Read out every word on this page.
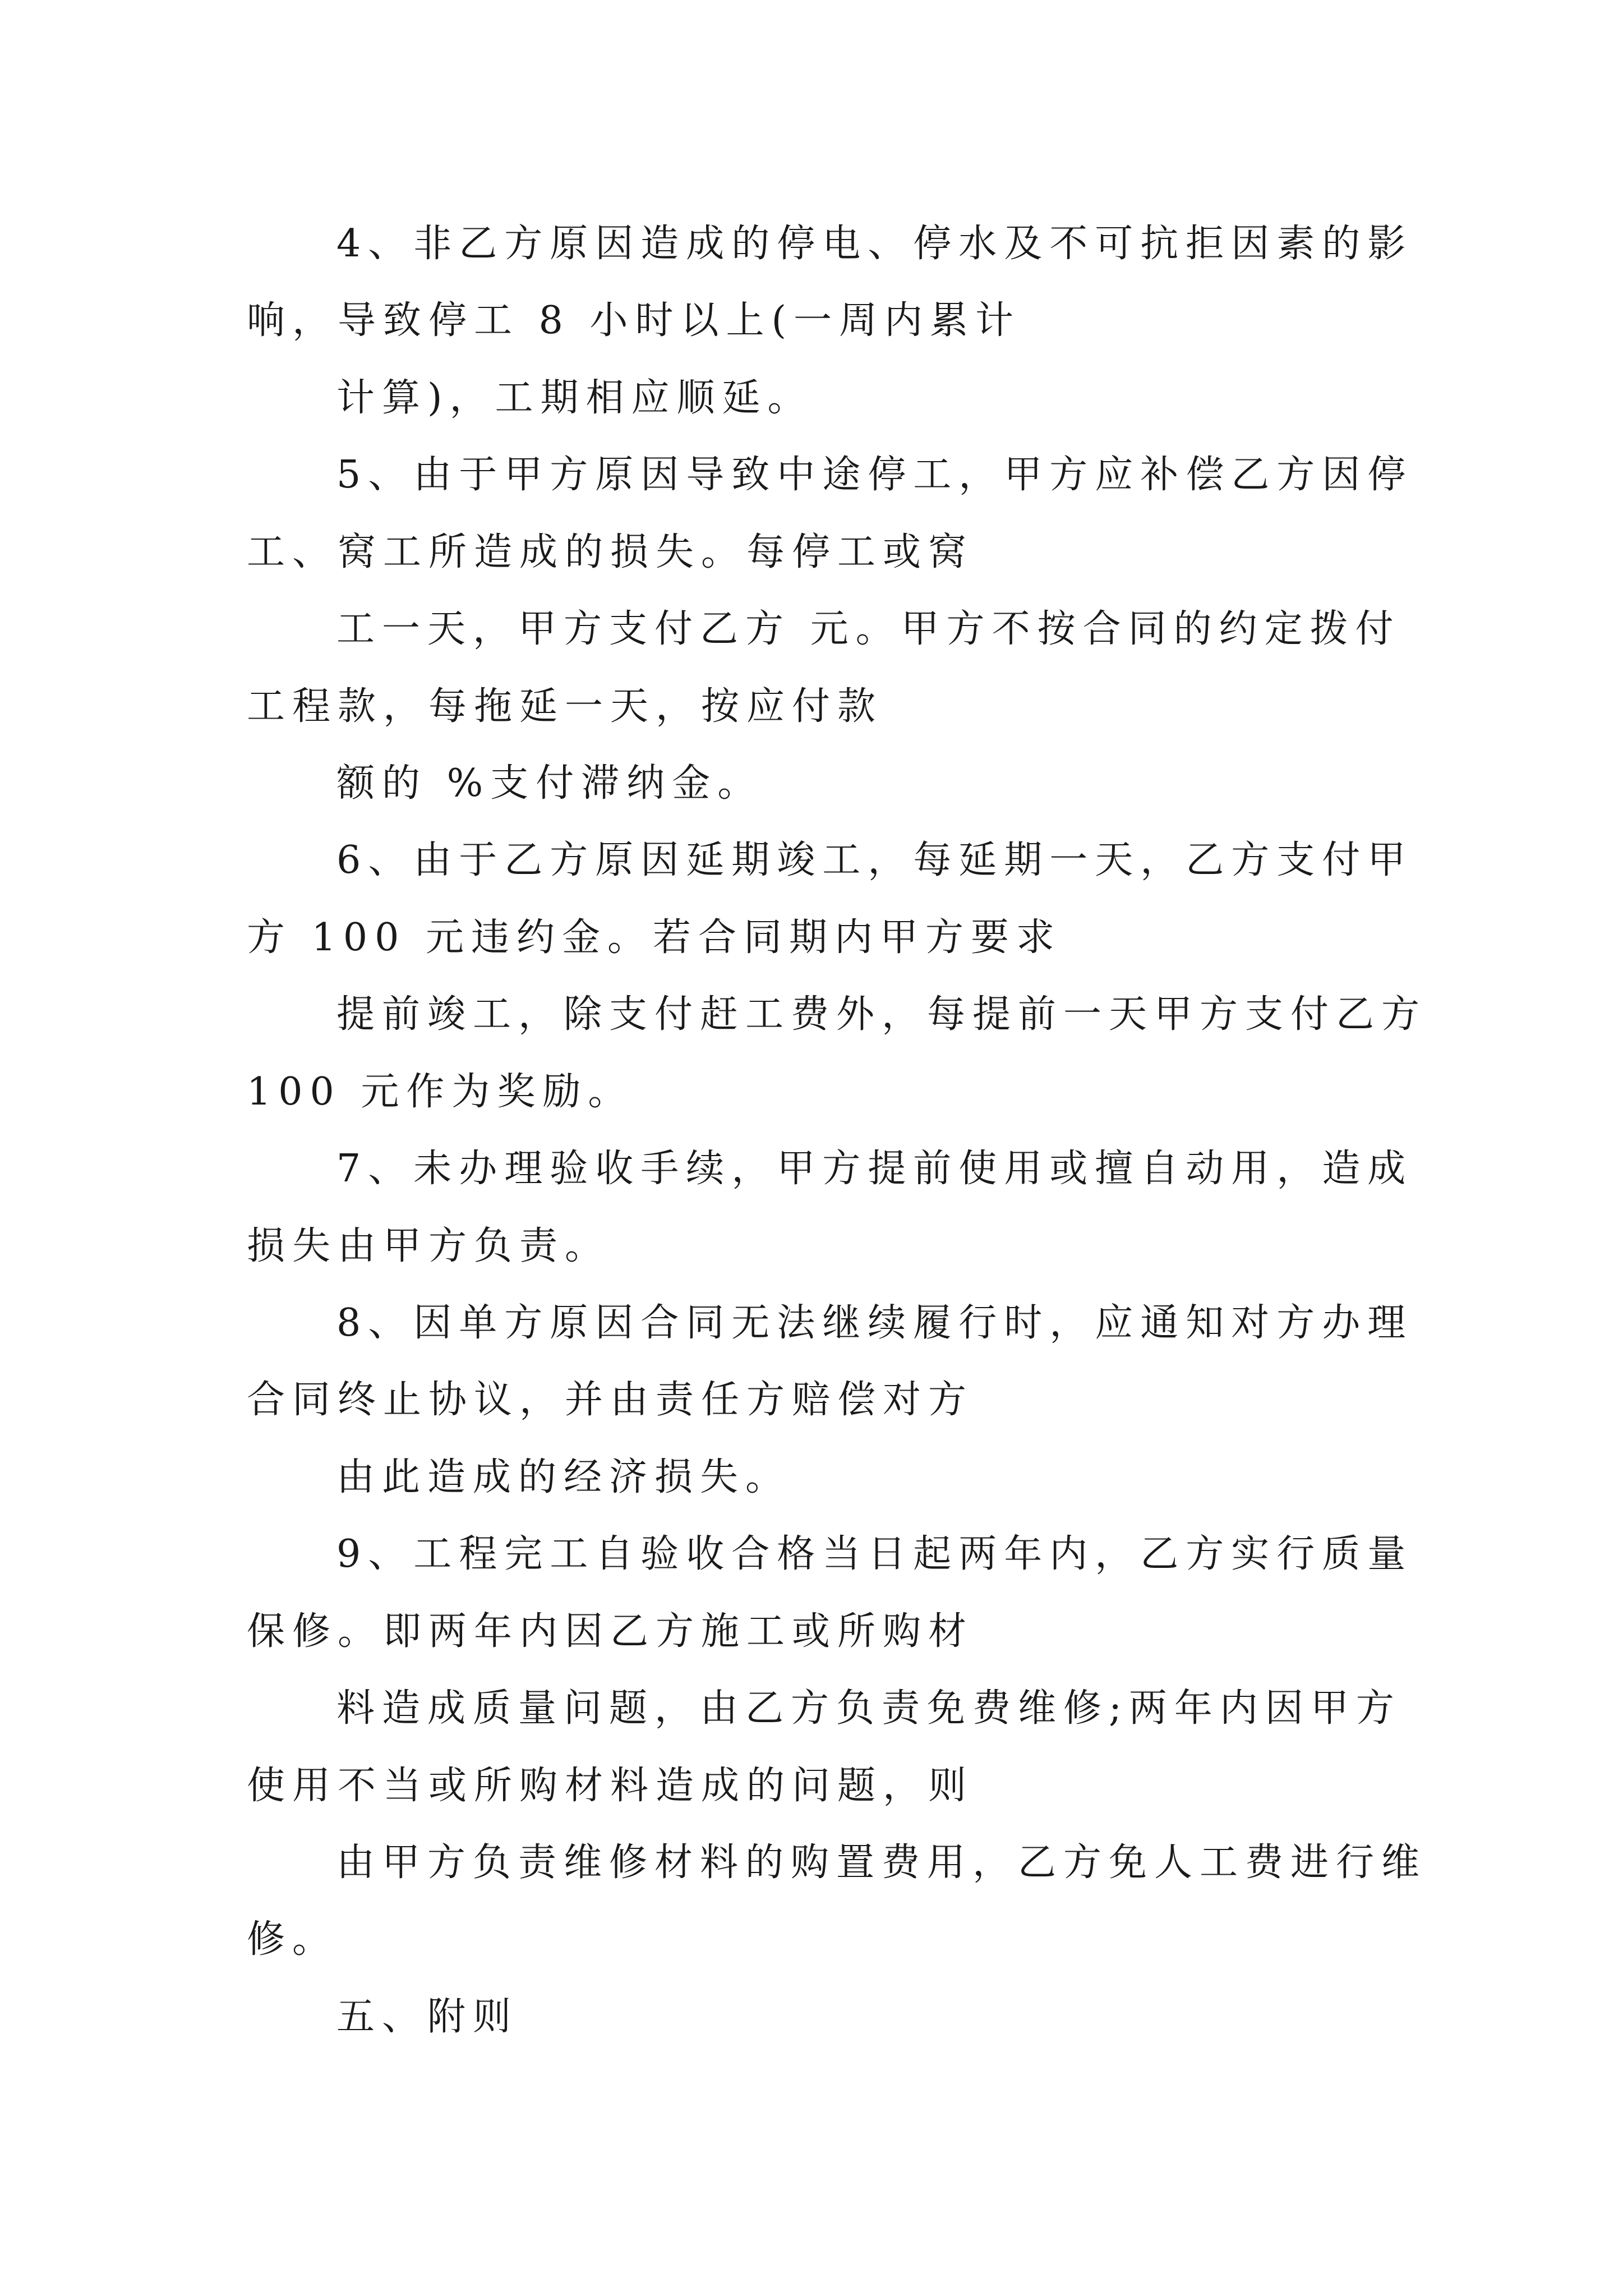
4、非乙方原因造成的停电、停水及不可抗拒因素的影
响，导致停工 8 小时以上(一周内累计
计算)，工期相应顺延。
5、由于甲方原因导致中途停工，甲方应补偿乙方因停
工、窝工所造成的损失。每停工或窝
工一天，甲方支付乙方 元。甲方不按合同的约定拨付
工程款，每拖延一天，按应付款
额的 %支付滞纳金。
6、由于乙方原因延期竣工，每延期一天，乙方支付甲
方 100 元违约金。若合同期内甲方要求
提前竣工，除支付赶工费外，每提前一天甲方支付乙方
100 元作为奖励。
7、未办理验收手续，甲方提前使用或擅自动用，造成
损失由甲方负责。
8、因单方原因合同无法继续履行时，应通知对方办理
合同终止协议，并由责任方赔偿对方
由此造成的经济损失。
9、工程完工自验收合格当日起两年内，乙方实行质量
保修。即两年内因乙方施工或所购材
料造成质量问题，由乙方负责免费维修;两年内因甲方
使用不当或所购材料造成的问题，则
由甲方负责维修材料的购置费用，乙方免人工费进行维
修。
五、附则
